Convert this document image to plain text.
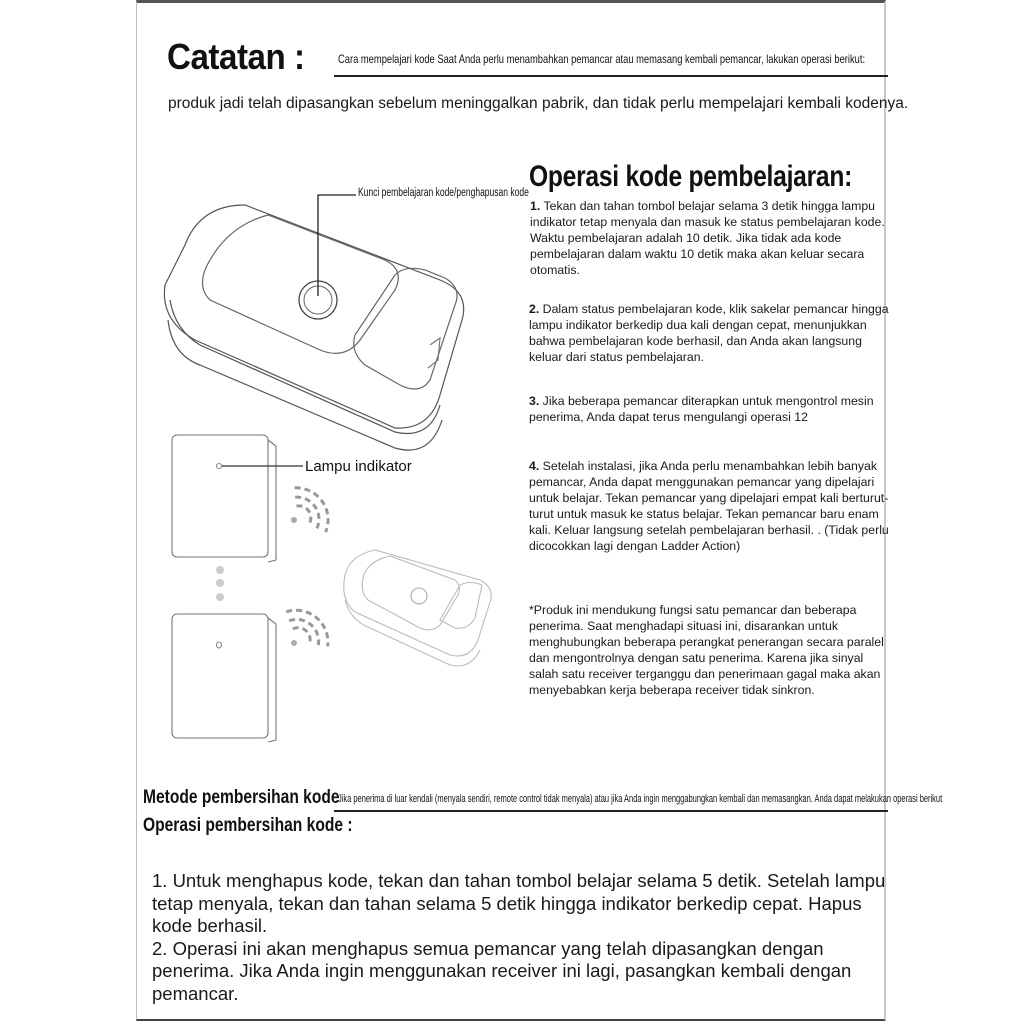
Catatan :	Cara mempelajari kode Saat Anda perlu menambahkan pemancar atau memasang kembali pemancar, lakukan operasi berikut:
produk jadi telah dipasangkan sebelum meninggalkan pabrik, dan tidak perlu mempelajari kembali kodenya.
Kunci pembelajaran kode/penghapusan kode
Lampu indikator
Operasi kode pembelajaran:
1. Tekan dan tahan tombol belajar selama 3 detik hingga lampu indikator tetap menyala dan masuk ke status pembelajaran kode. Waktu pembelajaran adalah 10 detik. Jika tidak ada kode pembelajaran dalam waktu 10 detik maka akan keluar secara otomatis.
2. Dalam status pembelajaran kode, klik sakelar pemancar hingga lampu indikator berkedip dua kali dengan cepat, menunjukkan bahwa pembelajaran kode berhasil, dan Anda akan langsung keluar dari status pembelajaran.
3. Jika beberapa pemancar diterapkan untuk mengontrol mesin penerima, Anda dapat terus mengulangi operasi 12
4. Setelah instalasi, jika Anda perlu menambahkan lebih banyak pemancar, Anda dapat menggunakan pemancar yang dipelajari untuk belajar. Tekan pemancar yang dipelajari empat kali berturut-turut untuk masuk ke status belajar. Tekan pemancar baru enam kali. Keluar langsung setelah pembelajaran berhasil. . (Tidak perlu dicocokkan lagi dengan Ladder Action)
*Produk ini mendukung fungsi satu pemancar dan beberapa penerima. Saat menghadapi situasi ini, disarankan untuk menghubungkan beberapa perangkat penerangan secara paralel dan mengontrolnya dengan satu penerima. Karena jika sinyal salah satu receiver terganggu dan penerimaan gagal maka akan menyebabkan kerja beberapa receiver tidak sinkron.
Metode pembersihan kode
Jika penerima di luar kendali (menyala sendiri, remote control tidak menyala) atau jika Anda ingin menggabungkan kembali dan memasangkan. Anda dapat melakukan operasi berikut
Operasi pembersihan kode :

1. Untuk menghapus kode, tekan dan tahan tombol belajar selama 5 detik. Setelah lampu tetap menyala, tekan dan tahan selama 5 detik hingga indikator berkedip cepat. Hapus kode berhasil.

2. Operasi ini akan menghapus semua pemancar yang telah dipasangkan dengan penerima. Jika Anda ingin menggunakan receiver ini lagi, pasangkan kembali dengan pemancar.
